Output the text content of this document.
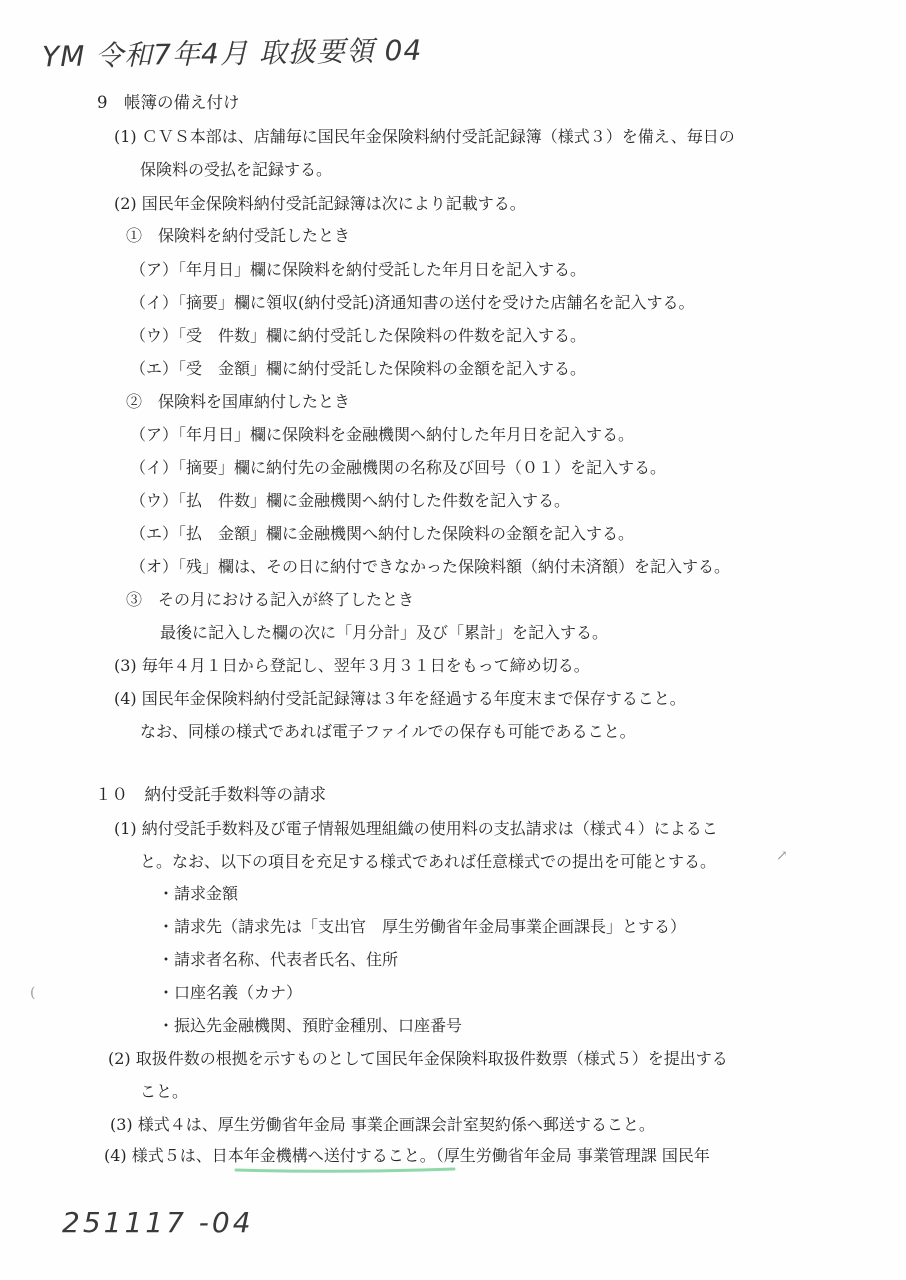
YM 令和7年4月 取扱要領 04
9　帳簿の備え付け
(1) ＣＶＳ本部は、店舗毎に国民年金保険料納付受託記録簿（様式３）を備え、毎日の
保険料の受払を記録する。
(2) 国民年金保険料納付受託記録簿は次により記載する。
①　保険料を納付受託したとき
（ア）「年月日」欄に保険料を納付受託した年月日を記入する。
（イ）「摘要」欄に領収(納付受託)済通知書の送付を受けた店舗名を記入する。
（ウ）「受　件数」欄に納付受託した保険料の件数を記入する。
（エ）「受　金額」欄に納付受託した保険料の金額を記入する。
②　保険料を国庫納付したとき
（ア）「年月日」欄に保険料を金融機関へ納付した年月日を記入する。
（イ）「摘要」欄に納付先の金融機関の名称及び回号（０１）を記入する。
（ウ）「払　件数」欄に金融機関へ納付した件数を記入する。
（エ）「払　金額」欄に金融機関へ納付した保険料の金額を記入する。
（オ）「残」欄は、その日に納付できなかった保険料額（納付未済額）を記入する。
③　その月における記入が終了したとき
最後に記入した欄の次に「月分計」及び「累計」を記入する。
(3) 毎年４月１日から登記し、翌年３月３１日をもって締め切る。
(4) 国民年金保険料納付受託記録簿は３年を経過する年度末まで保存すること。
なお、同様の様式であれば電子ファイルでの保存も可能であること。
１０　納付受託手数料等の請求
(1) 納付受託手数料及び電子情報処理組織の使用料の支払請求は（様式４）によるこ
と。なお、以下の項目を充足する様式であれば任意様式での提出を可能とする。
・請求金額
・請求先（請求先は「支出官　厚生労働省年金局事業企画課長」とする）
・請求者名称、代表者氏名、住所
・口座名義（カナ）
・振込先金融機関、預貯金種別、口座番号
(2) 取扱件数の根拠を示すものとして国民年金保険料取扱件数票（様式５）を提出する
こと。
(3) 様式４は、厚生労働省年金局 事業企画課会計室契約係へ郵送すること。
(4) 様式５は、日本年金機構へ送付すること。（厚生労働省年金局 事業管理課 国民年
(
↗
251117 -04
